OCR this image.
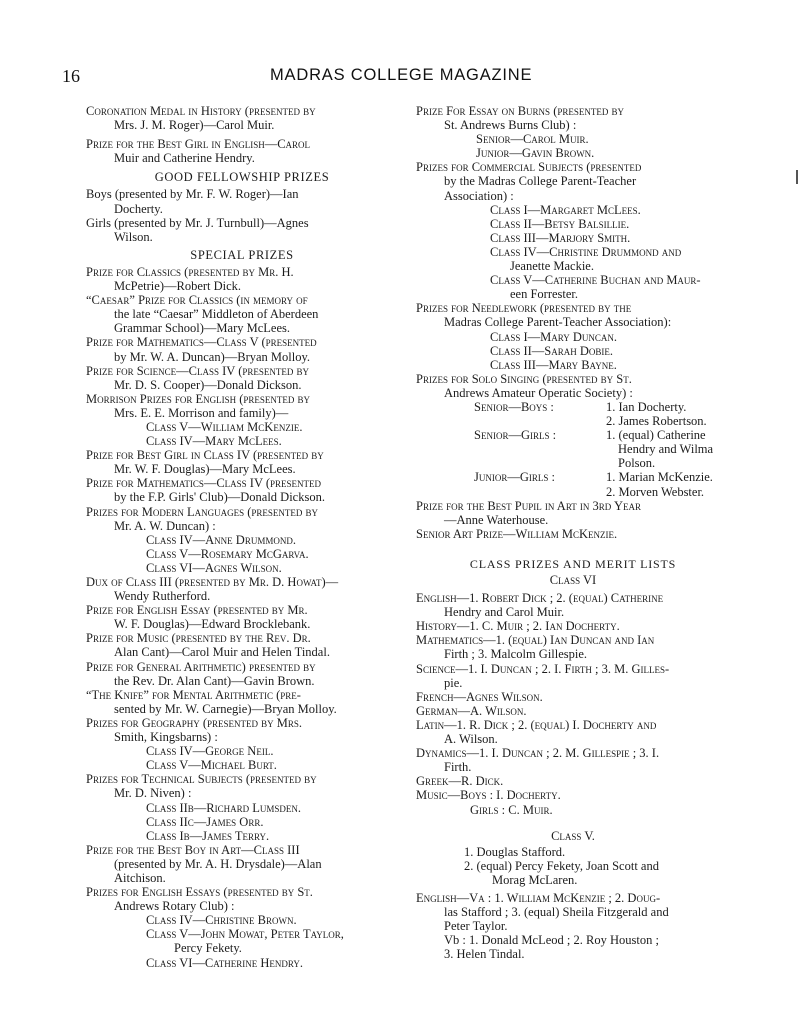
16	MADRAS COLLEGE MAGAZINE
Coronation Medal in History (presented by
Mrs. J. M. Roger)—Carol Muir.
Prize for the Best Girl in English—Carol
Muir and Catherine Hendry.
GOOD FELLOWSHIP PRIZES
Boys (presented by Mr. F. W. Roger)—Ian
Docherty.
Girls (presented by Mr. J. Turnbull)—Agnes
Wilson.
SPECIAL PRIZES
Prize for Classics (presented by Mr. H.
McPetrie)—Robert Dick.
“Caesar” Prize for Classics (in memory of
the late “Caesar” Middleton of Aberdeen
Grammar School)—Mary McLees.
Prize for Mathematics—Class V (presented
by Mr. W. A. Duncan)—Bryan Molloy.
Prize for Science—Class IV (presented by
Mr. D. S. Cooper)—Donald Dickson.
Morrison Prizes for English (presented by
Mrs. E. E. Morrison and family)—
Class V—William McKenzie.
Class IV—Mary McLees.
Prize for Best Girl in Class IV (presented by
Mr. W. F. Douglas)—Mary McLees.
Prize for Mathematics—Class IV (presented
by the F.P. Girls' Club)—Donald Dickson.
Prizes for Modern Languages (presented by
Mr. A. W. Duncan) :
Class IV—Anne Drummond.
Class V—Rosemary McGarva.
Class VI—Agnes Wilson.
Dux of Class III (presented by Mr. D. Howat)—
Wendy Rutherford.
Prize for English Essay (presented by Mr.
W. F. Douglas)—Edward Brocklebank.
Prize for Music (presented by the Rev. Dr.
Alan Cant)—Carol Muir and Helen Tindal.
Prize for General Arithmetic) presented by
the Rev. Dr. Alan Cant)—Gavin Brown.
“The Knife” for Mental Arithmetic (pre-
sented by Mr. W. Carnegie)—Bryan Molloy.
Prizes for Geography (presented by Mrs.
Smith, Kingsbarns) :
Class IV—George Neil.
Class V—Michael Burt.
Prizes for Technical Subjects (presented by
Mr. D. Niven) :
Class IIb—Richard Lumsden.
Class IIc—James Orr.
Class Ib—James Terry.
Prize for the Best Boy in Art—Class III
(presented by Mr. A. H. Drysdale)—Alan
Aitchison.
Prizes for English Essays (presented by St.
Andrews Rotary Club) :
Class IV—Christine Brown.
Class V—John Mowat, Peter Taylor,
Percy Fekety.
Class VI—Catherine Hendry.
Prize For Essay on Burns (presented by
St. Andrews Burns Club) :
Senior—Carol Muir.
Junior—Gavin Brown.
Prizes for Commercial Subjects (presented
by the Madras College Parent-Teacher
Association) :
Class I—Margaret McLees.
Class II—Betsy Balsillie.
Class III—Marjory Smith.
Class IV—Christine Drummond and
Jeanette Mackie.
Class V—Catherine Buchan and Maur-
een Forrester.
Prizes for Needlework (presented by the
Madras College Parent-Teacher Association):
Class I—Mary Duncan.
Class II—Sarah Dobie.
Class III—Mary Bayne.
Prizes for Solo Singing (presented by St.
Andrews Amateur Operatic Society) :
Senior—Boys :	1. Ian Docherty.
2. James Robertson.
Senior—Girls :	1. (equal) Catherine
Hendry and Wilma
Polson.
Junior—Girls :	1. Marian McKenzie.
2. Morven Webster.
Prize for the Best Pupil in Art in 3rd Year
—Anne Waterhouse.
Senior Art Prize—William McKenzie.
CLASS PRIZES AND MERIT LISTS
Class VI
English—1. Robert Dick ; 2. (equal) Catherine
Hendry and Carol Muir.
History—1. C. Muir ; 2. Ian Docherty.
Mathematics—1. (equal) Ian Duncan and Ian
Firth ; 3. Malcolm Gillespie.
Science—1. I. Duncan ; 2. I. Firth ; 3. M. Gilles-
pie.
French—Agnes Wilson.
German—A. Wilson.
Latin—1. R. Dick ; 2. (equal) I. Docherty and
A. Wilson.
Dynamics—1. I. Duncan ; 2. M. Gillespie ; 3. I.
Firth.
Greek—R. Dick.
Music—Boys : I. Docherty.
Girls : C. Muir.
Class V.
1. Douglas Stafford.
2. (equal) Percy Fekety, Joan Scott and
Morag McLaren.
English—Va : 1. William McKenzie ; 2. Doug-
las Stafford ; 3. (equal) Sheila Fitzgerald and
Peter Taylor.
Vb : 1. Donald McLeod ; 2. Roy Houston ;
3. Helen Tindal.
